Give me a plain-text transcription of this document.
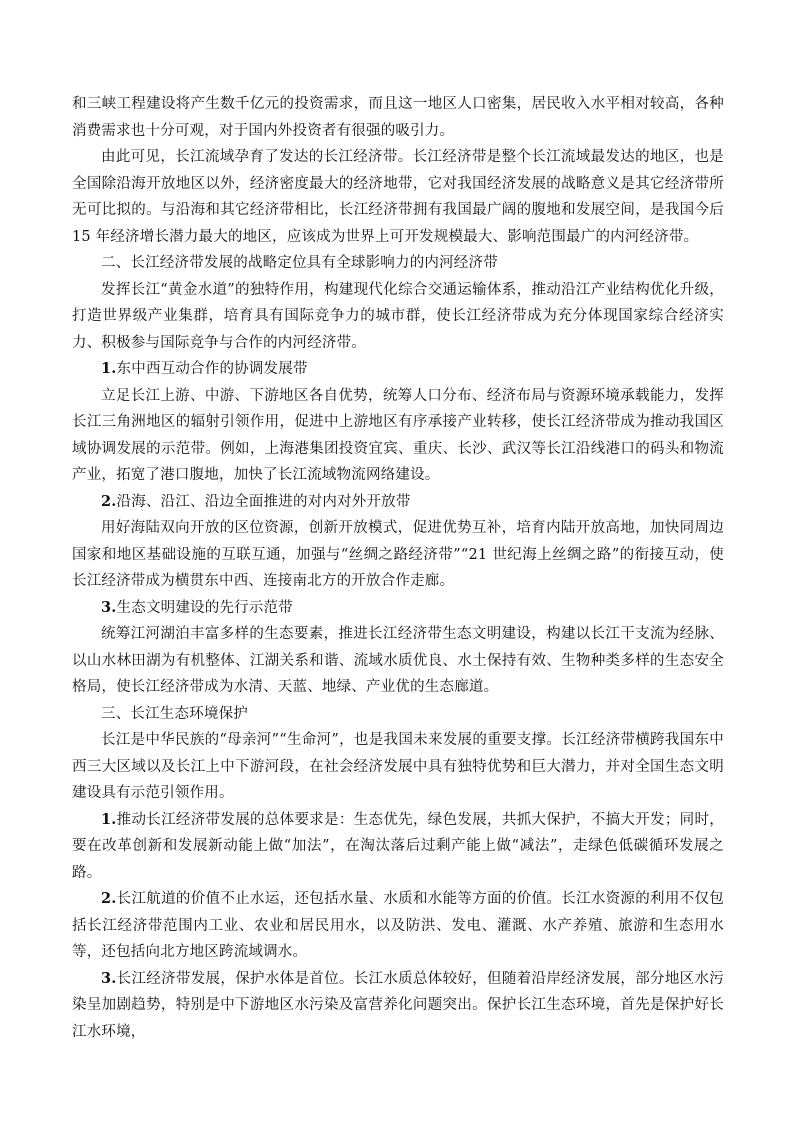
和三峡工程建设将产生数千亿元的投资需求，而且这一地区人口密集，居民收入水平相对较高，各种消费需求也十分可观，对于国内外投资者有很强的吸引力。

由此可见，长江流域孕育了发达的长江经济带。长江经济带是整个长江流域最发达的地区，也是全国除沿海开放地区以外，经济密度最大的经济地带，它对我国经济发展的战略意义是其它经济带所无可比拟的。与沿海和其它经济带相比，长江经济带拥有我国最广阔的腹地和发展空间，是我国今后 15 年经济增长潜力最大的地区，应该成为世界上可开发规模最大、影响范围最广的内河经济带。

二、长江经济带发展的战略定位具有全球影响力的内河经济带

发挥长江“黄金水道”的独特作用，构建现代化综合交通运输体系，推动沿江产业结构优化升级，打造世界级产业集群，培育具有国际竞争力的城市群，使长江经济带成为充分体现国家综合经济实力、积极参与国际竞争与合作的内河经济带。

1.东中西互动合作的协调发展带

立足长江上游、中游、下游地区各自优势，统筹人口分布、经济布局与资源环境承载能力，发挥长江三角洲地区的辐射引领作用，促进中上游地区有序承接产业转移，使长江经济带成为推动我国区域协调发展的示范带。例如，上海港集团投资宜宾、重庆、长沙、武汉等长江沿线港口的码头和物流产业，拓宽了港口腹地，加快了长江流域物流网络建设。

2.沿海、沿江、沿边全面推进的对内对外开放带

用好海陆双向开放的区位资源，创新开放模式，促进优势互补，培育内陆开放高地，加快同周边国家和地区基础设施的互联互通，加强与“丝绸之路经济带”“21 世纪海上丝绸之路”的衔接互动，使长江经济带成为横贯东中西、连接南北方的开放合作走廊。

3.生态文明建设的先行示范带

统筹江河湖泊丰富多样的生态要素，推进长江经济带生态文明建设，构建以长江干支流为经脉、以山水林田湖为有机整体、江湖关系和谐、流域水质优良、水土保持有效、生物种类多样的生态安全格局，使长江经济带成为水清、天蓝、地绿、产业优的生态廊道。

三、长江生态环境保护

长江是中华民族的“母亲河”“生命河”，也是我国未来发展的重要支撑。长江经济带横跨我国东中西三大区域以及长江上中下游河段，在社会经济发展中具有独特优势和巨大潜力，并对全国生态文明建设具有示范引领作用。

1.推动长江经济带发展的总体要求是：生态优先，绿色发展，共抓大保护，不搞大开发；同时，要在改革创新和发展新动能上做“加法”，在淘汰落后过剩产能上做“减法”，走绿色低碳循环发展之路。

2.长江航道的价值不止水运，还包括水量、水质和水能等方面的价值。长江水资源的利用不仅包括长江经济带范围内工业、农业和居民用水，以及防洪、发电、灌溉、水产养殖、旅游和生态用水等，还包括向北方地区跨流域调水。

3.长江经济带发展，保护水体是首位。长江水质总体较好，但随着沿岸经济发展，部分地区水污染呈加剧趋势，特别是中下游地区水污染及富营养化问题突出。保护长江生态环境，首先是保护好长江水环境，
